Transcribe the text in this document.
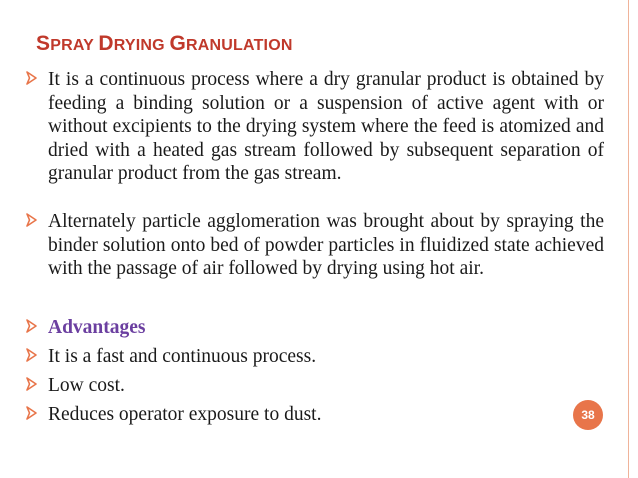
SPRAY DRYING GRANULATION
It is a continuous process where a dry granular product is obtained by feeding a binding solution or a suspension of active agent with or without excipients to the drying system where the feed is atomized and dried with a heated gas stream followed by subsequent separation of granular product from the gas stream.
Alternately particle agglomeration was brought about by spraying the binder solution onto bed of powder particles in fluidized state achieved with the passage of air followed by drying using hot air.
Advantages
It is a fast and continuous process.
Low cost.
Reduces operator exposure to dust.	38
